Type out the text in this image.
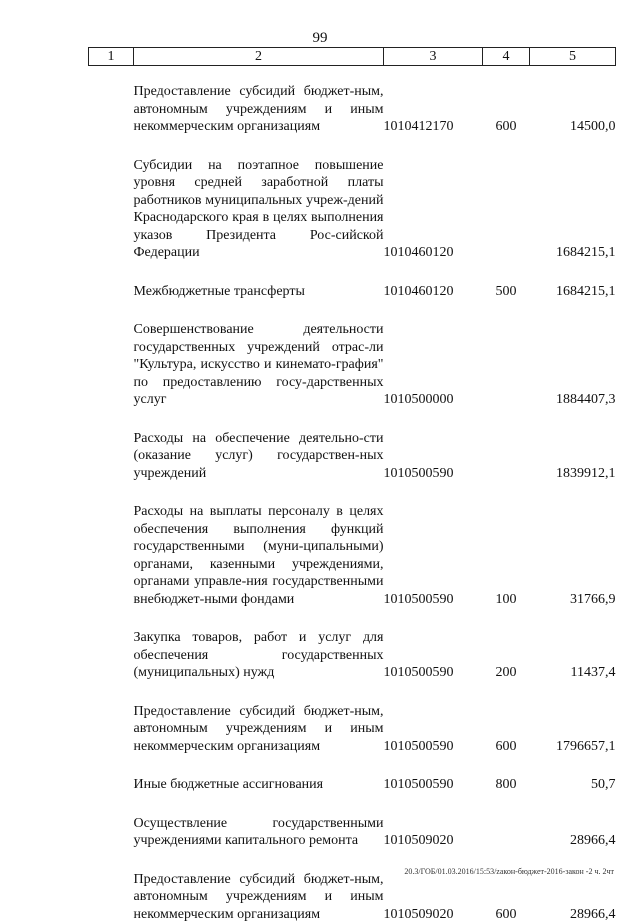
99
1	2	3	4	5

	Предоставление субсидий бюджет-ным, автономным учреждениям и иным некоммерческим организациям	1010412170	600	14500,0

	Субсидии на поэтапное повышение уровня средней заработной платы работников муниципальных учреж-дений Краснодарского края в целях выполнения указов Президента Рос-сийской Федерации	1010460120		1684215,1

	Межбюджетные трансферты	1010460120	500	1684215,1

	Совершенствование деятельности государственных учреждений отрас-ли "Культура, искусство и кинемато-графия" по предоставлению госу-дарственных услуг	1010500000		1884407,3

	Расходы на обеспечение деятельно-сти (оказание услуг) государствен-ных учреждений	1010500590		1839912,1

	Расходы на выплаты персоналу в целях обеспечения выполнения функций государственными (муни-ципальными) органами, казенными учреждениями, органами управле-ния государственными внебюджет-ными фондами	1010500590	100	31766,9

	Закупка товаров, работ и услуг для обеспечения государственных (муниципальных) нужд	1010500590	200	11437,4

	Предоставление субсидий бюджет-ным, автономным учреждениям и иным некоммерческим организациям	1010500590	600	1796657,1

	Иные бюджетные ассигнования	1010500590	800	50,7

	Осуществление государственными учреждениями капитального ремонта	1010509020		28966,4

	Предоставление субсидий бюджет-ным, автономным учреждениям и иным некоммерческим организациям	1010509020	600	28966,4
20.3/ГОБ/01.03.2016/15:53/zакон-бюджет-2016-закон -2 ч. 2чт
